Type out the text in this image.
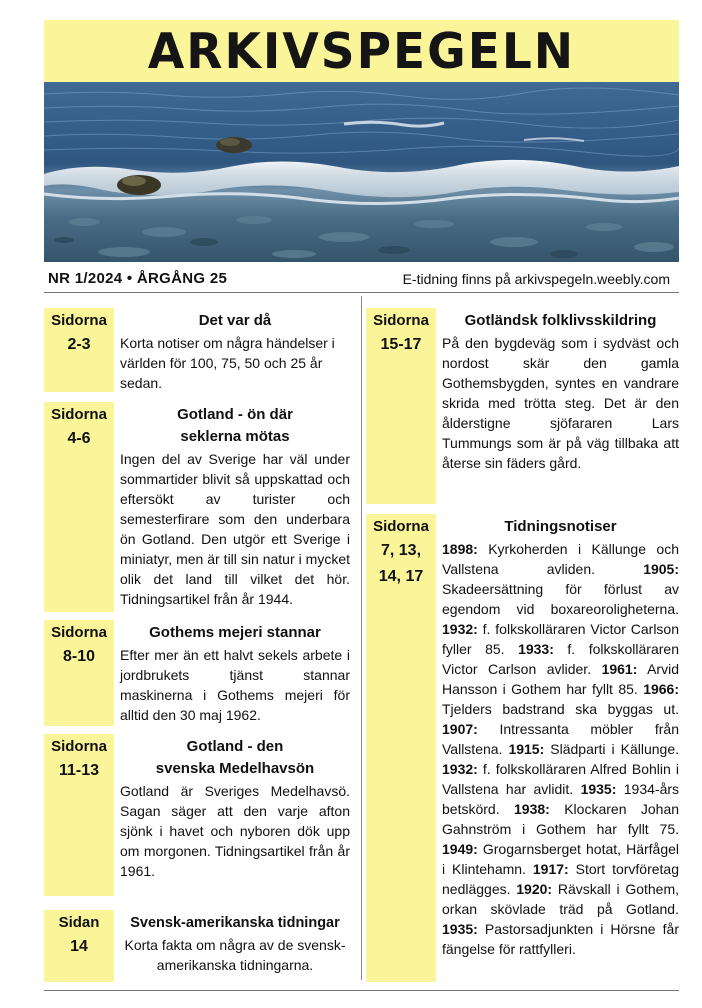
ARKIVSPEGELN
NR 1/2024 • ÅRGÅNG 25	E-tidning finns på arkivspegeln.weebly.com
Sidorna
2-3
Det var då
Korta notiser om några händelser i världen för 100, 75, 50 och 25 år sedan.
Sidorna
4-6
Gotland - ön där
seklerna mötas
Ingen del av Sverige har väl under sommartider blivit så uppskattad och eftersökt av turister och semesterfirare som den underbara ön Gotland. Den utgör ett Sverige i miniatyr, men är till sin natur i mycket olik det land till vilket det hör. Tidningsartikel från år 1944.
Sidorna
8-10
Gothems mejeri stannar
Efter mer än ett halvt sekels arbete i jordbrukets tjänst stannar maskinerna i Gothems mejeri för alltid den 30 maj 1962.
Sidorna
11-13
Gotland - den
svenska Medelhavsön
Gotland är Sveriges Medelhavsö. Sagan säger att den varje afton sjönk i havet och nyboren dök upp om morgonen. Tidningsartikel från år 1961.
Sidan
14
Svensk-amerikanska tidningar
Korta fakta om några av de svensk-amerikanska tidningarna.
Sidorna
15-17
Gotländsk folklivsskildring
På den bygdeväg som i sydväst och nordost skär den gamla Gothemsbygden, syntes en vandrare skrida med trötta steg. Det är den ålderstigne sjöfararen Lars Tummungs som är på väg tillbaka att återse sin fäders gård.
Sidorna
7, 13,
14, 17
Tidningsnotiser
1898: Kyrkoherden i Källunge och Vallstena avliden.	1905: Skadeersättning för förlust av egendom vid boxareoroligheterna. 1932: f. folkskolläraren Victor Carlson fyller 85. 1933: f. folkskolläraren Victor Carlson avlider. 1961: Arvid Hansson i Gothem har fyllt 85. 1966: Tjelders badstrand ska byggas ut. 1907: Intressanta möbler från Vallstena. 1915: Slädparti i Källunge. 1932: f. folkskolläraren Alfred Bohlin i Vallstena har avlidit. 1935: 1934-års betskörd. 1938: Klockaren Johan Gahnström i Gothem har fyllt 75. 1949: Grogarnsberget hotat, Härfågel i Klintehamn. 1917: Stort torvföretag nedlägges. 1920: Rävskall i Gothem, orkan skövlade träd på Gotland. 1935: Pastorsadjunkten i Hörsne får fängelse för rattfylleri.
